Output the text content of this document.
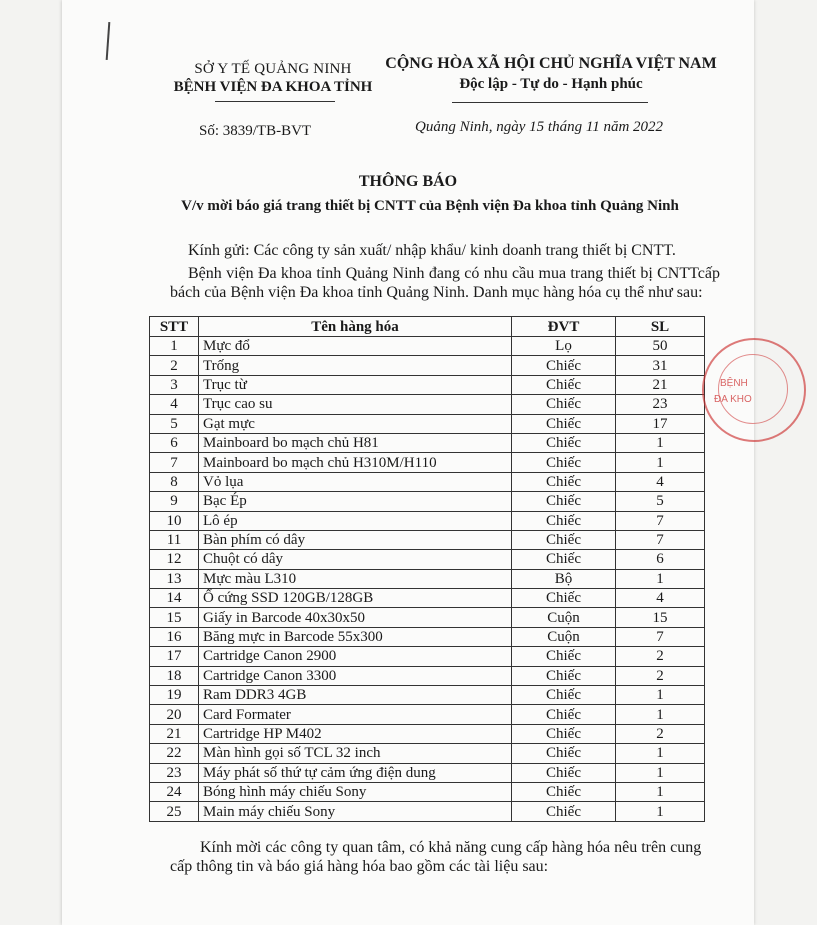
SỞ Y TẾ QUẢNG NINH
BỆNH VIỆN ĐA KHOA TỈNH
CỘNG HÒA XÃ HỘI CHỦ NGHĨA VIỆT NAM
Độc lập - Tự do - Hạnh phúc
Số: 3839/TB-BVT	Quảng Ninh, ngày 15 tháng 11 năm 2022
THÔNG BÁO
V/v mời báo giá trang thiết bị CNTT của Bệnh viện Đa khoa tỉnh Quảng Ninh
Kính gửi: Các công ty sản xuất/ nhập khẩu/ kinh doanh trang thiết bị CNTT.
Bệnh viện Đa khoa tỉnh Quảng Ninh đang có nhu cầu mua trang thiết bị CNTTcấp bách của Bệnh viện Đa khoa tỉnh Quảng Ninh. Danh mục hàng hóa cụ thể như sau:
STT	Tên hàng hóa	ĐVT	SL
1	Mực đổ	Lọ	50
2	Trống	Chiếc	31
3	Trục từ	Chiếc	21
4	Trục cao su	Chiếc	23
5	Gạt mực	Chiếc	17
6	Mainboard bo mạch chủ H81	Chiếc	1
7	Mainboard bo mạch chủ H310M/H110	Chiếc	1
8	Vỏ lụa	Chiếc	4
9	Bạc Ép	Chiếc	5
10	Lô ép	Chiếc	7
11	Bàn phím có dây	Chiếc	7
12	Chuột có dây	Chiếc	6
13	Mực màu L310	Bộ	1
14	Ổ cứng SSD 120GB/128GB	Chiếc	4
15	Giấy in Barcode 40x30x50	Cuộn	15
16	Băng mực in Barcode 55x300	Cuộn	7
17	Cartridge Canon 2900	Chiếc	2
18	Cartridge Canon 3300	Chiếc	2
19	Ram DDR3 4GB	Chiếc	1
20	Card Formater	Chiếc	1
21	Cartridge HP M402	Chiếc	2
22	Màn hình gọi số TCL 32 inch	Chiếc	1
23	Máy phát số thứ tự cảm ứng điện dung	Chiếc	1
24	Bóng hình máy chiếu Sony	Chiếc	1
25	Main máy chiếu Sony	Chiếc	1
Kính mời các công ty quan tâm, có khả năng cung cấp hàng hóa nêu trên cung cấp thông tin và báo giá hàng hóa bao gồm các tài liệu sau:
BỆNH
ĐA KHO
